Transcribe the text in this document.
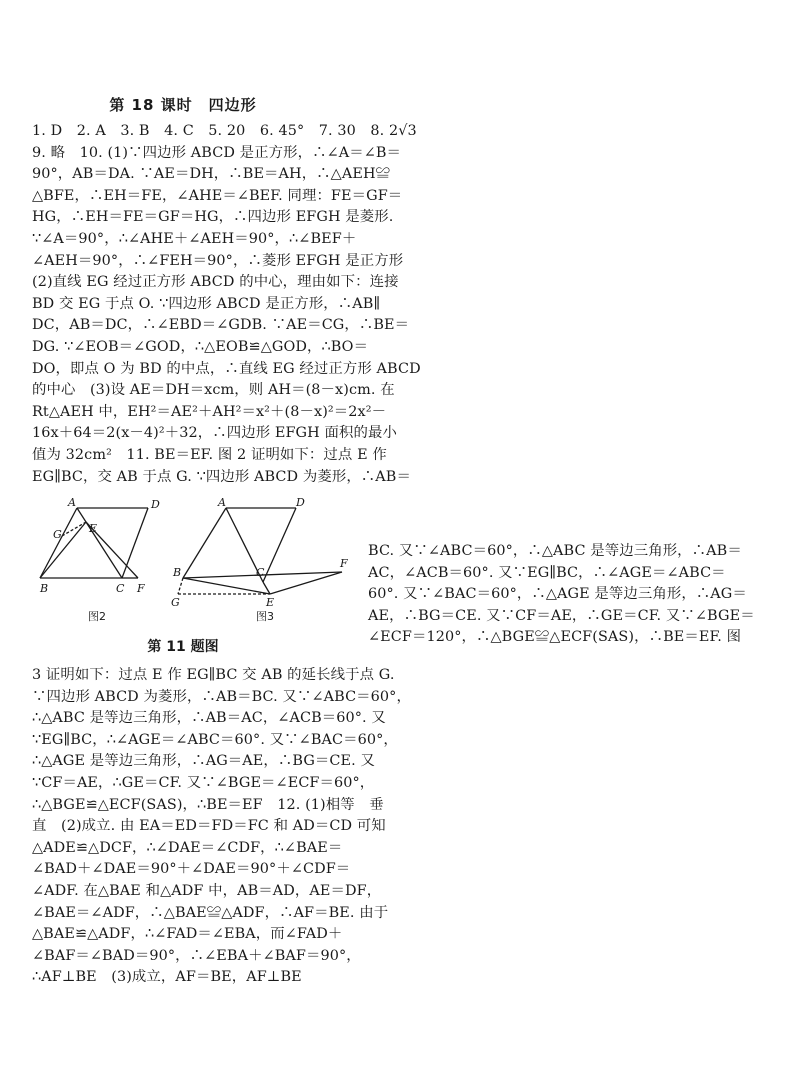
第 18 课时　四边形
1. D　2. A　3. B　4. C　5. 20　6. 45°　7. 30　8. 2√3
9. 略　10. (1)∵四边形 ABCD 是正方形，∴∠A＝∠B＝
90°，AB＝DA. ∵AE＝DH，∴BE＝AH，∴△AEH≌
△BFE，∴EH＝FE，∠AHE＝∠BEF. 同理：FE＝GF＝
HG，∴EH＝FE＝GF＝HG，∴四边形 EFGH 是菱形.
∵∠A＝90°，∴∠AHE＋∠AEH＝90°，∴∠BEF＋
∠AEH＝90°，∴∠FEH＝90°，∴菱形 EFGH 是正方形
(2)直线 EG 经过正方形 ABCD 的中心，理由如下：连接
BD 交 EG 于点 O. ∵四边形 ABCD 是正方形，∴AB∥
DC，AB＝DC，∴∠EBD＝∠GDB. ∵AE＝CG，∴BE＝
DG. ∵∠EOB＝∠GOD，∴△EOB≌△GOD，∴BO＝
DO，即点 O 为 BD 的中点，∴直线 EG 经过正方形 ABCD
的中心　(3)设 AE＝DH＝xcm，则 AH＝(8－x)cm. 在
Rt△AEH 中，EH²＝AE²＋AH²＝x²＋(8－x)²＝2x²－
16x＋64＝2(x－4)²＋32，∴四边形 EFGH 面积的最小
值为 32cm²　11. BE＝EF. 图 2 证明如下：过点 E 作
EG∥BC，交 AB 于点 G. ∵四边形 ABCD 为菱形，∴AB＝
A	D
G E
B	C F
图2
A	D
B	C
F
G	E
图3
第 11 题图
BC. 又∵∠ABC＝60°，∴△ABC 是等边三角形，∴AB＝
AC，∠ACB＝60°. 又∵EG∥BC，∴∠AGE＝∠ABC＝
60°. 又∵∠BAC＝60°，∴△AGE 是等边三角形，∴AG＝
AE，∴BG＝CE. 又∵CF＝AE，∴GE＝CF. 又∵∠BGE＝
∠ECF＝120°，∴△BGE≌△ECF(SAS)，∴BE＝EF. 图
3 证明如下：过点 E 作 EG∥BC 交 AB 的延长线于点 G.
∵四边形 ABCD 为菱形，∴AB＝BC. 又∵∠ABC＝60°，
∴△ABC 是等边三角形，∴AB＝AC，∠ACB＝60°. 又
∵EG∥BC，∴∠AGE＝∠ABC＝60°. 又∵∠BAC＝60°，
∴△AGE 是等边三角形，∴AG＝AE，∴BG＝CE. 又
∵CF＝AE，∴GE＝CF. 又∵∠BGE＝∠ECF＝60°，
∴△BGE≌△ECF(SAS)，∴BE＝EF　12. (1)相等　垂
直　(2)成立. 由 EA＝ED＝FD＝FC 和 AD＝CD 可知
△ADE≌△DCF，∴∠DAE＝∠CDF，∴∠BAE＝
∠BAD＋∠DAE＝90°＋∠DAE＝90°＋∠CDF＝
∠ADF. 在△BAE 和△ADF 中，AB＝AD，AE＝DF，
∠BAE＝∠ADF，∴△BAE≌△ADF，∴AF＝BE. 由于
△BAE≌△ADF，∴∠FAD＝∠EBA，而∠FAD＋
∠BAF＝∠BAD＝90°，∴∠EBA＋∠BAF＝90°，
∴AF⊥BE　(3)成立，AF＝BE，AF⊥BE
